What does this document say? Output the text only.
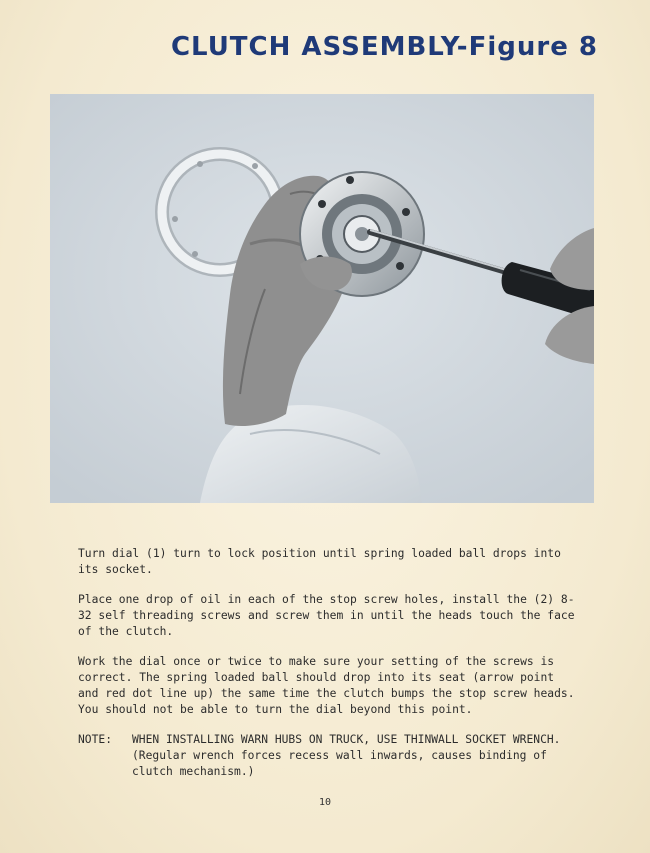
CLUTCH ASSEMBLY-Figure 8

Turn dial (1) turn to lock position until spring loaded ball drops into its socket.

Place one drop of oil in each of the stop screw holes, install the (2) 8-32 self threading screws and screw them in until the heads touch the face of the clutch.

Work the dial once or twice to make sure your setting of the screws is correct. The spring loaded ball should drop into its seat (arrow point and red dot line up) the same time the clutch bumps the stop screw heads. You should not be able to turn the dial beyond this point.

NOTE:	WHEN INSTALLING WARN HUBS ON TRUCK, USE THINWALL SOCKET WRENCH. (Regular wrench forces recess wall inwards, causes binding of clutch mechanism.)
10
